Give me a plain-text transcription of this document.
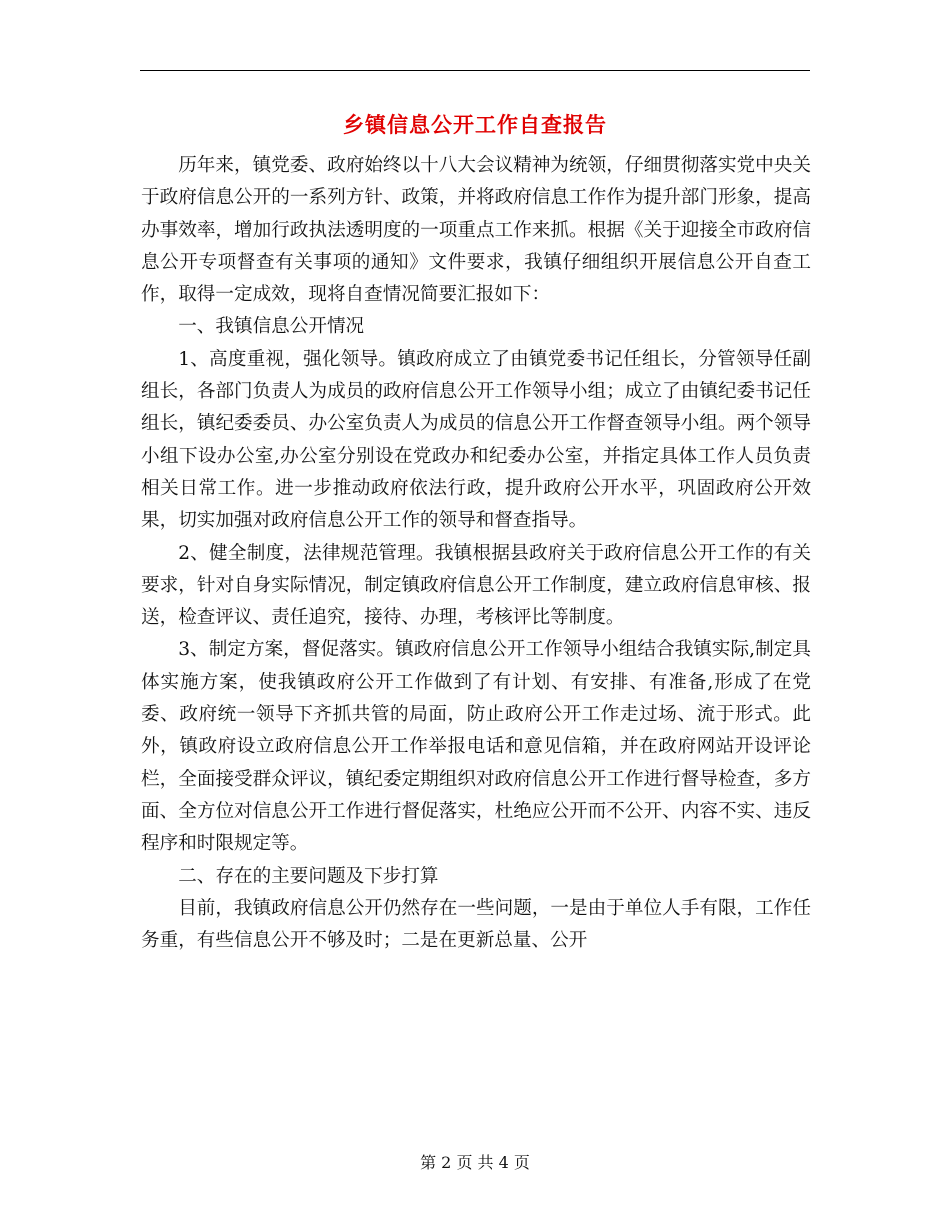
乡镇信息公开工作自查报告

历年来，镇党委、政府始终以十八大会议精神为统领，仔细贯彻落实党中央关于政府信息公开的一系列方针、政策，并将政府信息工作作为提升部门形象，提高办事效率，增加行政执法透明度的一项重点工作来抓。根据《关于迎接全市政府信息公开专项督查有关事项的通知》文件要求，我镇仔细组织开展信息公开自查工作，取得一定成效，现将自查情况简要汇报如下：

一、我镇信息公开情况

1、高度重视，强化领导。镇政府成立了由镇党委书记任组长，分管领导任副组长，各部门负责人为成员的政府信息公开工作领导小组；成立了由镇纪委书记任组长，镇纪委委员、办公室负责人为成员的信息公开工作督查领导小组。两个领导小组下设办公室,办公室分别设在党政办和纪委办公室，并指定具体工作人员负责相关日常工作。进一步推动政府依法行政，提升政府公开水平，巩固政府公开效果，切实加强对政府信息公开工作的领导和督查指导。

2、健全制度，法律规范管理。我镇根据县政府关于政府信息公开工作的有关要求，针对自身实际情况，制定镇政府信息公开工作制度，建立政府信息审核、报送，检查评议、责任追究，接待、办理，考核评比等制度。

3、制定方案，督促落实。镇政府信息公开工作领导小组结合我镇实际,制定具体实施方案，使我镇政府公开工作做到了有计划、有安排、有准备,形成了在党委、政府统一领导下齐抓共管的局面，防止政府公开工作走过场、流于形式。此外，镇政府设立政府信息公开工作举报电话和意见信箱，并在政府网站开设评论栏，全面接受群众评议，镇纪委定期组织对政府信息公开工作进行督导检查，多方面、全方位对信息公开工作进行督促落实，杜绝应公开而不公开、内容不实、违反程序和时限规定等。

二、存在的主要问题及下步打算

目前，我镇政府信息公开仍然存在一些问题，一是由于单位人手有限，工作任务重，有些信息公开不够及时；二是在更新总量、公开

第 2 页 共 4 页
